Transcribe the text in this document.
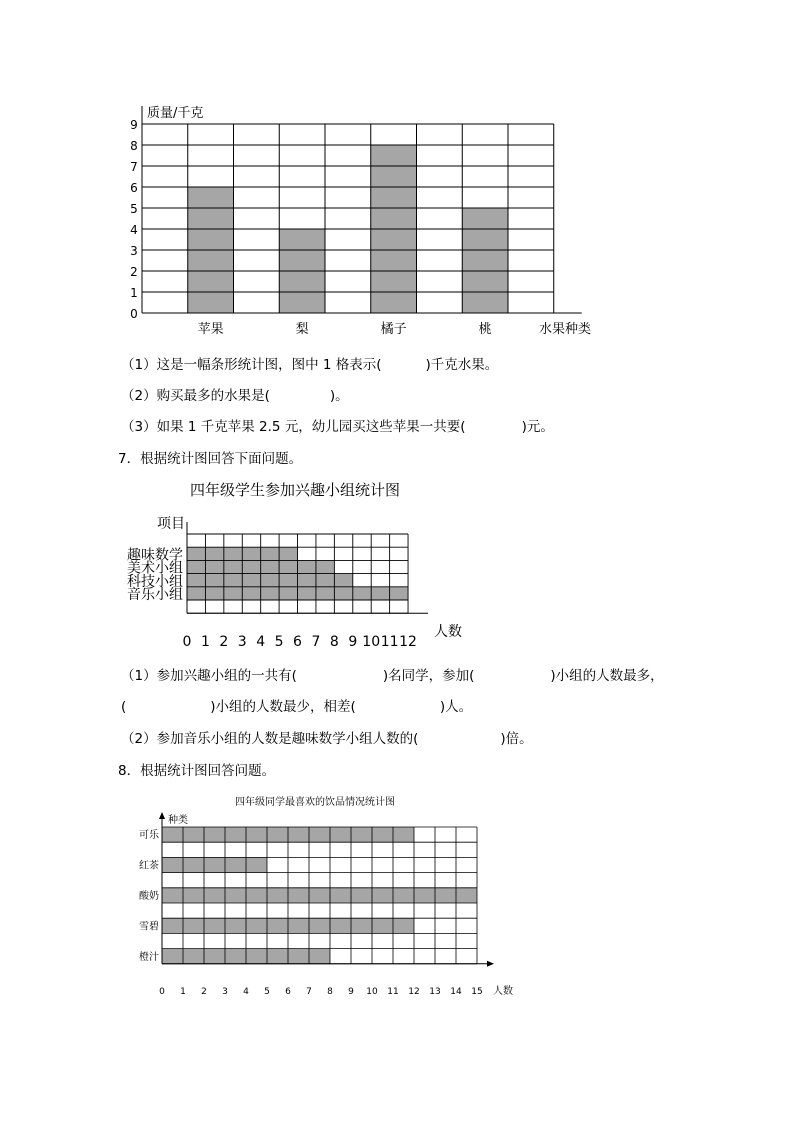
0
1
2
3
4
5
6
7
8
9
质量/千克
苹果	梨	橘子	桃	水果种类
（1）这是一幅条形统计图，图中 1 格表示(	)千克水果。
（2）购买最多的水果是(	)。
（3）如果 1 千克苹果 2.5 元，幼儿园买这些苹果一共要(	)元。
7．根据统计图回答下面问题。
四年级学生参加兴趣小组统计图
项目
趣味数学
美术小组
科技小组
音乐小组
0 1 2 3 4 5 6 7 8 9 10 11 12
人数
（1）参加兴趣小组的一共有(	)名同学，参加(	)小组的人数最多，
(	)小组的人数最少，相差(	)人。
（2）参加音乐小组的人数是趣味数学小组人数的(	)倍。
8．根据统计图回答问题。
四年级同学最喜欢的饮品情况统计图
种类
可乐
红茶
酸奶
雪碧
橙汁
0 1 2 3 4 5 6 7 8 9 10 11 12 13 14 15 人数
